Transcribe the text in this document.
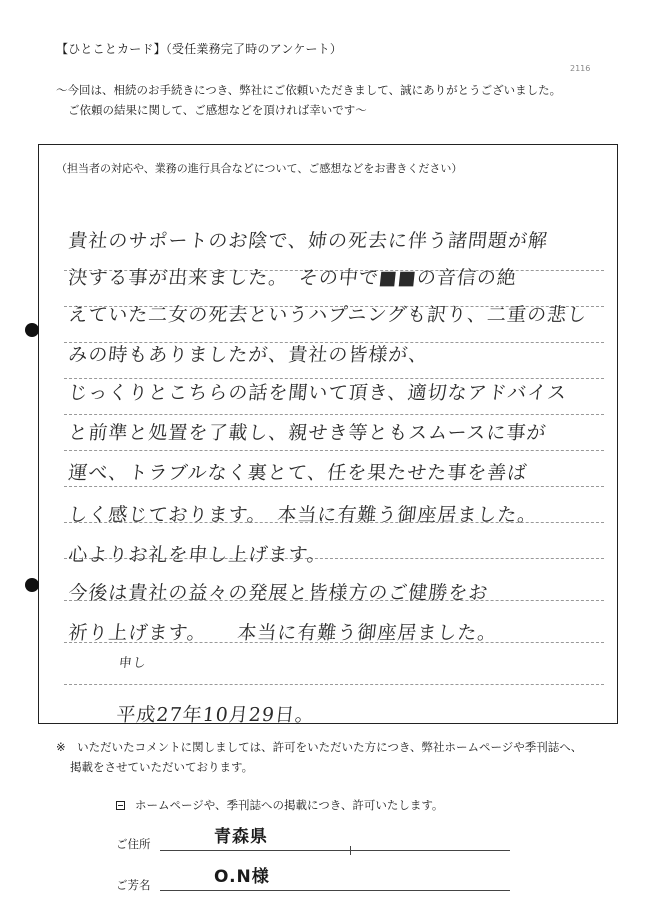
【ひとことカード】（受任業務完了時のアンケート）
2116
〜今回は、相続のお手続きにつき、弊社にご依頼いただきまして、誠にありがとうございました。
ご依頼の結果に関して、ご感想などを頂ければ幸いです〜
（担当者の対応や、業務の進行具合などについて、ご感想などをお書きください）
貴社のサポートのお陰で、姉の死去に伴う諸問題が解
決する事が出来ました。　その中で■■の音信の絶
えていた二女の死去というハプニングも訳り、二重の悲し
みの時もありましたが、貴社の皆様が、
じっくりとこちらの話を聞いて頂き、適切なアドバイス
と前準と処置を了載し、親せき等ともスムースに事が
運べ、トラブルなく裏とて、任を果たせた事を善ば
しく感じております。　本当に有難う御座居ました。
心よりお礼を申し上げます。
今後は貴社の益々の発展と皆様方のご健勝をお
祈り上げます。　　本当に有難う御座居ました。
申し
平成27年10月29日。
※　いただいたコメントに関しましては、許可をいただいた方につき、弊社ホームページや季刊誌へ、
掲載をさせていただいております。
ホームページや、季刊誌への掲載につき、許可いたします。
ご住所	青森県
ご芳名	O.N様
